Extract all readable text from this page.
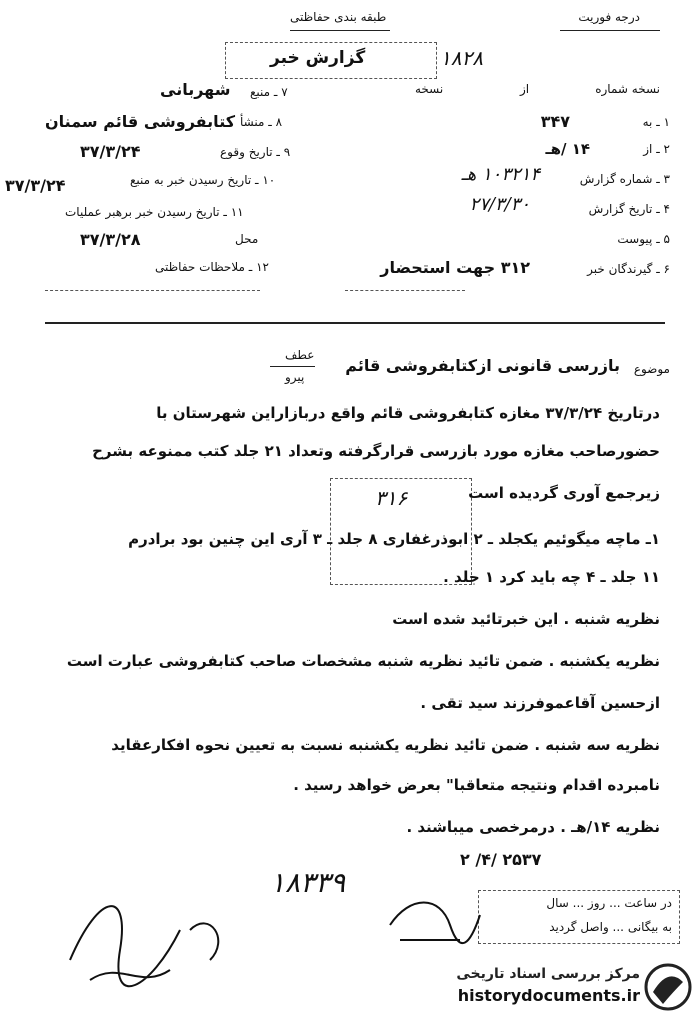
درجه فوریت
طبقه بندی حفاظتی
گزارش خبر	۱۸۲۸
نسخه شماره
از
نسخه
۱ ـ به
۳۴۷
۲ ـ از
۱۴ /هـ
۳ ـ شماره گزارش
۱۰۳۲۱۴ هـ
۴ ـ تاریخ گزارش
۲۷/۳/۳۰
۵ ـ پیوست
۶ ـ گیرندگان خبر
۳۱۲ جهت استحضار
۷ ـ منبع
شهربانی
۸ ـ منشأ
کتابفروشی قائم سمنان
۹ ـ تاریخ وقوع
۳۷/۳/۲۴
۱۰ ـ تاریخ رسیدن خبر به منبع
۳۷/۳/۲۴
۱۱ ـ تاریخ رسیدن خبر برهبر عملیات
محل
۳۷/۳/۲۸
۱۲ ـ ملاحظات حفاظتی
موضوع
بازرسی قانونی ازکتابفروشی قائم
عطف
پیرو
۳۱۶
درتاریخ ۳۷/۳/۲۴ مغازه کتابفروشی قائم واقع دربازاراین شهرستان با
حضورصاحب مغازه مورد بازرسی قرارگرفته وتعداد ۲۱ جلد کتب ممنوعه بشرح
زیرجمع آوری گردیده است
۱ـ ماچه میگوئیم یکجلد ـ ۲ ابوذرغفاری ۸ جلد ـ ۳ آری این چنین بود برادرم
۱۱ جلد ـ ۴ چه باید کرد ۱ جلد .
نظریه شنبه . این خبرتائید شده است
نظریه یکشنبه . ضمن تائید نظریه شنبه مشخصات صاحب کتابفروشی عبارت است
ازحسین آقاعموفرزند سید تقی .
نظریه سه شنبه . ضمن تائید نظریه یکشنبه نسبت به تعیین نحوه افکارعقاید
نامبرده اقدام ونتیجه متعاقبا" بعرض خواهد رسید .
نظریه ۱۴/هـ . درمرخصی میباشند .
۲۵۳۷ /۴/ ۲
۱۸۳۳۹
در ساعت ... روز ... سال
به بیگانی ... واصل گردید
مرکز بررسی اسناد تاریخی
historydocuments.ir
